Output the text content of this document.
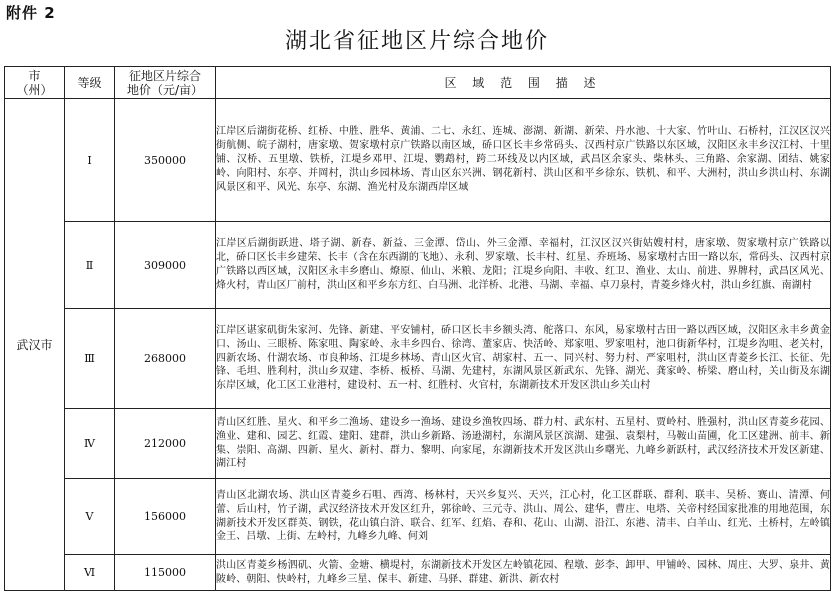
附件 2
湖北省征地区片综合地价
市
（州）	等级	征地区片综合
地价（元/亩）	区 域 范 围 描 述
武汉市	Ⅰ	350000	江岸区后湖街花桥、红桥、中胜、胜华、黄浦、二七、永红、连城、澎湖、新湖、新荣、丹水池、十大家、竹叶山、石桥村，江汉区汉兴街航侧、皖子湖村，唐家墩、贺家墩村京广铁路以南区域，硚口区长丰乡常码头、汉西村京广铁路以东区域，汉阳区永丰乡汉江村、十里铺、汉桥、五里墩、铁桥，江堤乡邓甲、江堤、鹦鹉村，跨二环线及以内区域，武昌区余家头、柴林头、三角路、余家湖、团结、姚家岭、向阳村、东亭、并岡村，洪山乡园林场、青山区东兴洲、钢花新村、洪山区和平乡徐东、铁机、和平、大洲村，洪山乡洪山村、东湖风景区和平、风光、东亭、东湖、渔光村及东湖西岸区域
	Ⅱ	309000	江岸区后湖街跃进、塔子湖、新春、新益、三金潭、岱山、外三金潭、幸福村，江汉区汉兴街姑嫂村村，唐家墩、贺家墩村京广铁路以北，硚口区长丰乡建荣、长丰（含在东西湖的飞地）、永利、罗家墩、长丰村、红星、乔班场、易家墩村古田一路以东，常码头、汉西村京广铁路以西区域，汉阳区永丰乡磨山、燎原、仙山、米粮、龙阳；江堤乡向阳、丰收、红卫、渔业、太山、前进、界牌村，武昌区风光、烽火村，青山区厂前村，洪山区和平乡东方红、白马洲、北洋桥、北港、马湖、幸福、卓刀泉村，青菱乡烽火村，洪山乡红旗、南湖村
	Ⅲ	268000	江岸区谌家矶街朱家河、先锋、新建、平安铺村，硚口区长丰乡额头湾、舵落口、东风，易家墩村古田一路以西区域，汉阳区永丰乡黄金口、汤山、三眼桥、陈家咀、陶家岭、永丰乡四台、徐湾、董家店、快活岭、郑家咀、罗家咀村，池口街新华村，江堤乡沟咀、老关村，四新农场、什湖农场、市良种场、江堤乡林场、青山区火官、胡家村、五一、同兴村、努力村、严家咀村，洪山区青菱乡长江、长征、先锋、毛坦、胜利村，洪山乡双建、李桥、板桥、马湖、先建村，东湖风景区新武东、先锋、湖光、龚家岭、桥梁、磨山村，关山街及东湖东岸区域，化工区工业港村，建设村、五一村、红胜村、火官村，东湖新技术开发区洪山乡关山村
	Ⅳ	212000	青山区红胜、星火、和平乡二渔场、建设乡一渔场、建设乡渔牧四场、群力村、武东村、五星村、贾岭村、胜强村，洪山区青菱乡花园、渔业、建和、园艺、红霞、建阳、建群，洪山乡新路、汤逊湖村，东湖风景区滨湖、建强、袁梨村，马鞍山苗圃，化工区建洲、前丰、新集、崇阳、高湖、四新、星火、新村、群力、黎明、向家尾，东湖新技术开发区洪山乡曙光、九峰乡新跃村，武汉经济技术开发区新建、湖江村
	Ⅴ	156000	青山区北湖农场、洪山区青菱乡石咀、西湾、杨林村，天兴乡复兴、天兴，江心村，化工区群联、群利、联丰、吴桥、赛山、清潭、何蕾、后山村，竹子湖，武汉经济技术开发区红升，郭徐岭、三元寺、洪山、周公、建华，曹庄、电塔、关帝村经国家批准的用地范围，东湖新技术开发区群英、钢铁，花山镇白浒、联合、红军、红焰、春和、花山、山湖、沿江、东港、清丰、白羊山、红光、土桥村，左岭镇金王、吕墩、上街、左岭村，九峰乡九峰、何刘
	Ⅵ	115000	洪山区青菱乡杨泗矶、火箭、金塘、横堤村，东湖新技术开发区左岭镇花园、程墩、彭李、卸甲、甲铺岭、园林、周庄、大罗、泉井、黄陂岭、朝阳、快岭村，九峰乡三星、保丰、新建、马驿、群建、新洪、新农村
